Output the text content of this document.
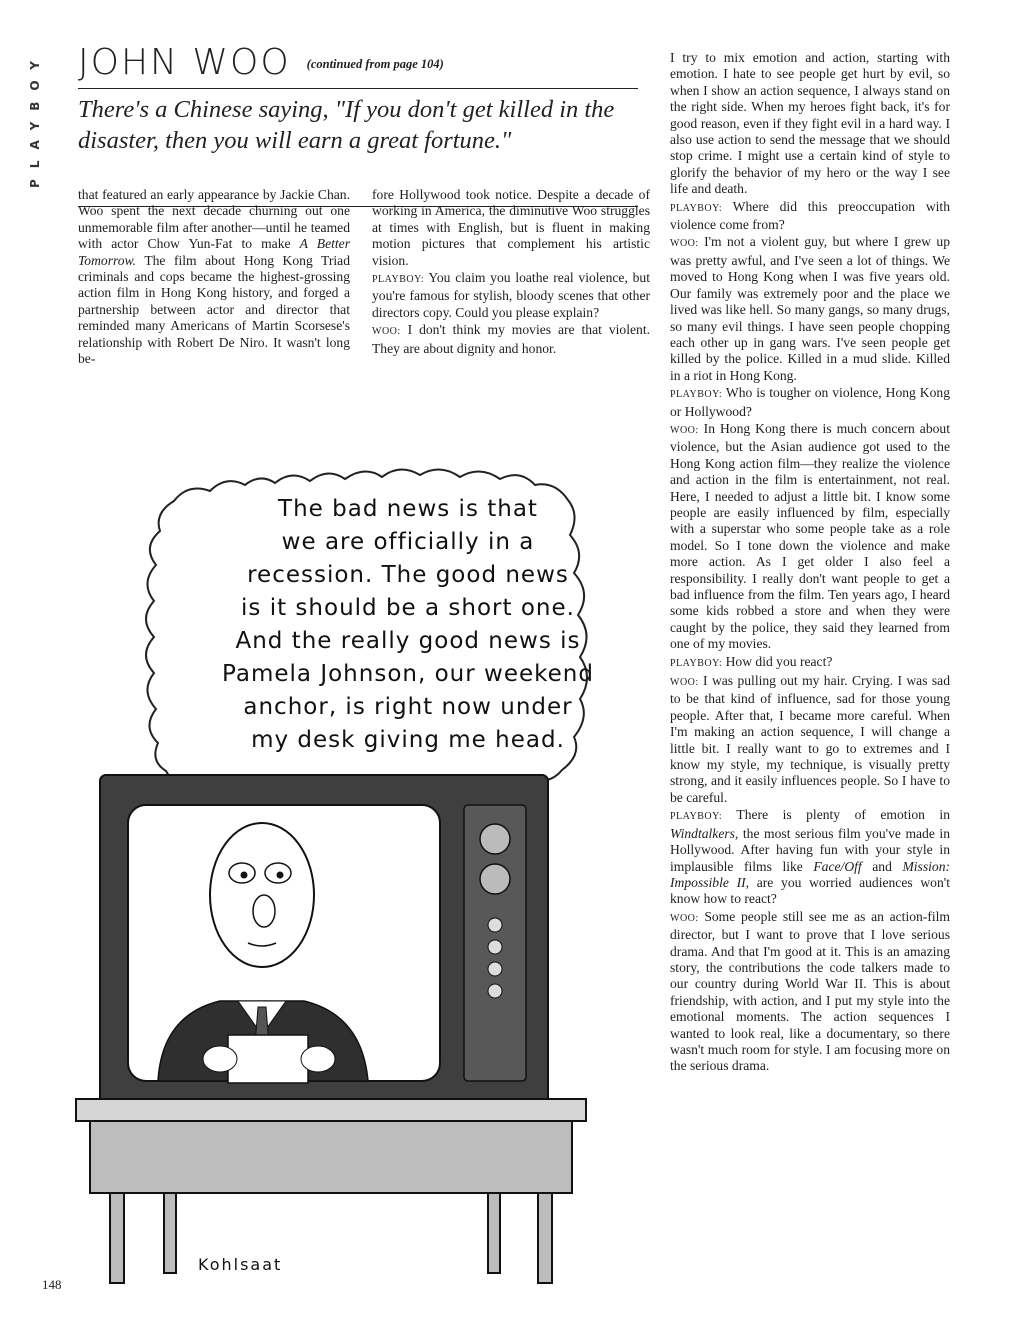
PLAYBOY JOHN WOO $^{(continued from page 104)}$
There's a Chinese saying, "If you don't get killed in the disaster, then you will earn a great fortune."

that featured an early appearance by Jackie Chan. Woo spent the next decade churning out one unmemorable film after another—until he teamed with actor Chow Yun-Fat to make A Better Tomorrow. The film about Hong Kong Triad criminals and cops became the highest-grossing action film in Hong Kong history, and forged a partnership between actor and director that reminded many Americans of Martin Scorsese's relationship with Robert De Niro. It wasn't long be-

fore Hollywood took notice. Despite a decade of working in America, the diminutive Woo struggles at times with English, but is fluent in making motion pictures that complement his artistic vision.

PLAYBOY: You claim you loathe real violence, but you're famous for stylish, bloody scenes that other directors copy. Could you please explain?

WOO: I don't think my movies are that violent. They are about dignity and honor.

I try to mix emotion and action, starting with emotion. I hate to see people get hurt by evil, so when I show an action sequence, I always stand on the right side. When my heroes fight back, it's for good reason, even if they fight evil in a hard way. I also use action to send the message that we should stop crime. I might use a certain kind of style to glorify the behavior of my hero or the way I see life and death.

PLAYBOY: Where did this preoccupation with violence come from?

WOO: I'm not a violent guy, but where I grew up was pretty awful, and I've seen a lot of things. We moved to Hong Kong when I was five years old. Our family was extremely poor and the place we lived was like hell. So many gangs, so many drugs, so many evil things. I have seen people chopping each other up in gang wars. I've seen people get killed by the police. Killed in a mud slide. Killed in a riot in Hong Kong.

PLAYBOY: Who is tougher on violence, Hong Kong or Hollywood?

WOO: In Hong Kong there is much concern about violence, but the Asian audience got used to the Hong Kong action film—they realize the violence and action in the film is entertainment, not real. Here, I needed to adjust a little bit. I know some people are easily influenced by film, especially with a superstar who some people take as a role model. So I tone down the violence and make more action. As I get older I also feel a responsibility. I really don't want people to get a bad influence from the film. Ten years ago, I heard some kids robbed a store and when they were caught by the police, they said they learned from one of my movies.

PLAYBOY: How did you react?

WOO: I was pulling out my hair. Crying. I was sad to be that kind of influence, sad for those young people. After that, I became more careful. When I'm making an action sequence, I will change a little bit. I really want to go to extremes and I know my style, my technique, is visually pretty strong, and it easily influences people. So I have to be careful.

PLAYBOY: There is plenty of emotion in Windtalkers, the most serious film you've made in Hollywood. After having fun with your style in implausible films like Face/Off and Mission: Impossible II, are you worried audiences won't know how to react?

WOO: Some people still see me as an action-film director, but I want to prove that I love serious drama. And that I'm good at it. This is an amazing story, the contributions the code talkers made to our country during World War II. This is about friendship, with action, and I put my style into the emotional moments. The action sequences I wanted to look real, like a documentary, so there wasn't much room for style. I am focusing more on the serious drama.

The bad news is that
we are officially in a
recession. The good news
is it should be a short one.
And the really good news is
Pamela Johnson, our weekend
anchor, is right now under
my desk giving me head.
Kohlsaat
148
